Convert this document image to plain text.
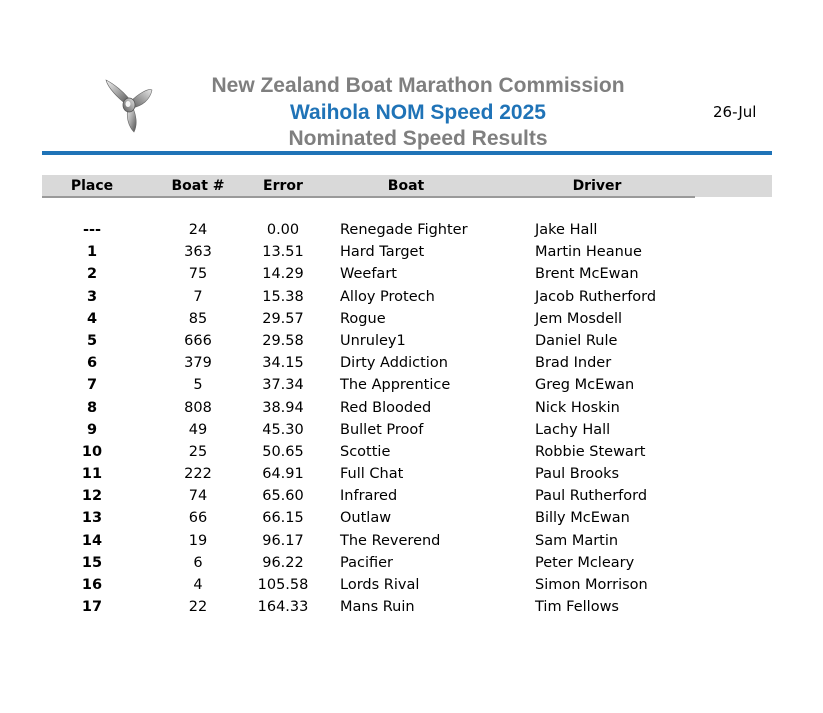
New Zealand Boat Marathon Commission
Waihola NOM Speed 2025
Nominated Speed Results
26-Jul
Place	Boat #	Error	Boat	Driver
---	24	0.00	Renegade Fighter	Jake Hall
1	363	13.51	Hard Target	Martin Heanue
2	75	14.29	Weefart	Brent McEwan
3	7	15.38	Alloy Protech	Jacob Rutherford
4	85	29.57	Rogue	Jem Mosdell
5	666	29.58	Unruley1	Daniel Rule
6	379	34.15	Dirty Addiction	Brad Inder
7	5	37.34	The Apprentice	Greg McEwan
8	808	38.94	Red Blooded	Nick Hoskin
9	49	45.30	Bullet Proof	Lachy Hall
10	25	50.65	Scottie	Robbie Stewart
11	222	64.91	Full Chat	Paul Brooks
12	74	65.60	Infrared	Paul Rutherford
13	66	66.15	Outlaw	Billy McEwan
14	19	96.17	The Reverend	Sam Martin
15	6	96.22	Pacifier	Peter Mcleary
16	4	105.58	Lords Rival	Simon Morrison
17	22	164.33	Mans Ruin	Tim Fellows
